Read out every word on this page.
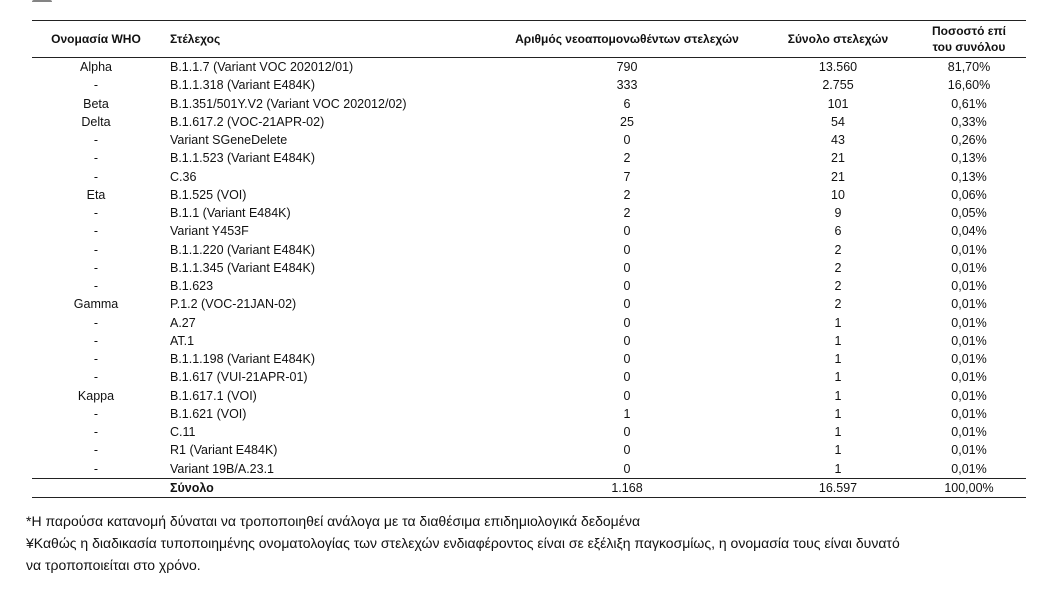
Ονομασία WHO	Στέλεχος	Αριθμός νεοαπομονωθέντων στελεχών	Σύνολο στελεχών	Ποσοστό επί
του συνόλου
Alpha	B.1.1.7 (Variant VOC 202012/01)	790	13.560	81,70%
-	B.1.1.318 (Variant E484K)	333	2.755	16,60%
Beta	B.1.351/501Y.V2 (Variant VOC 202012/02)	6	101	0,61%
Delta	B.1.617.2 (VOC-21APR-02)	25	54	0,33%
-	Variant SGeneDelete	0	43	0,26%
-	B.1.1.523 (Variant E484K)	2	21	0,13%
-	C.36	7	21	0,13%
Eta	B.1.525 (VOI)	2	10	0,06%
-	B.1.1 (Variant E484K)	2	9	0,05%
-	Variant Y453F	0	6	0,04%
-	B.1.1.220 (Variant E484K)	0	2	0,01%
-	B.1.1.345 (Variant E484K)	0	2	0,01%
-	B.1.623	0	2	0,01%
Gamma	P.1.2 (VOC-21JAN-02)	0	2	0,01%
-	A.27	0	1	0,01%
-	AT.1	0	1	0,01%
-	B.1.1.198 (Variant E484K)	0	1	0,01%
-	B.1.617 (VUI-21APR-01)	0	1	0,01%
Kappa	B.1.617.1 (VOI)	0	1	0,01%
-	B.1.621 (VOI)	1	1	0,01%
-	C.11	0	1	0,01%
-	R1 (Variant E484K)	0	1	0,01%
-	Variant 19B/A.23.1	0	1	0,01%
	Σύνολο	1.168	16.597	100,00%

*Η παρούσα κατανομή δύναται να τροποποιηθεί ανάλογα με τα διαθέσιμα επιδημιολογικά δεδομένα

¥Καθώς η διαδικασία τυποποιημένης ονοματολογίας των στελεχών ενδιαφέροντος είναι σε εξέλιξη παγκοσμίως, η ονομασία τους είναι δυνατό

να τροποποιείται στο χρόνο.
